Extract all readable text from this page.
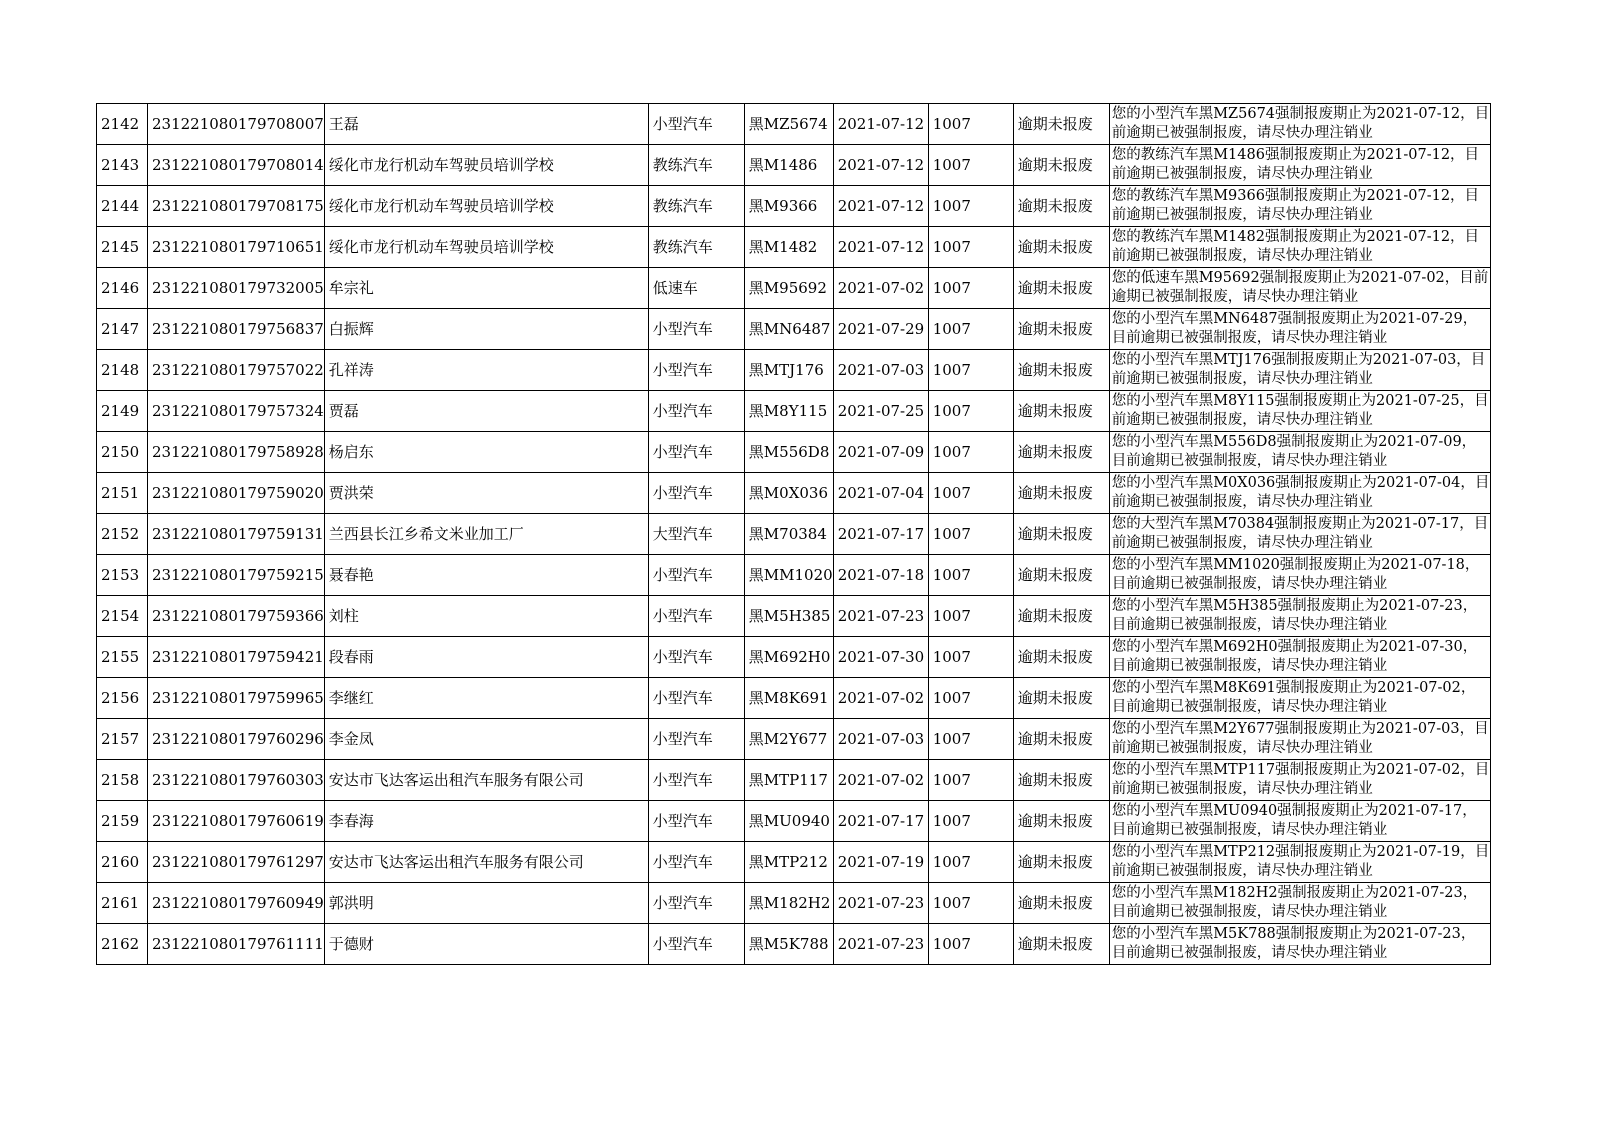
2142	231221080179708007	王磊	小型汽车	黑MZ5674	2021-07-12	1007	逾期未报废	您的小型汽车黑MZ5674强制报废期止为2021-07-12，目前逾期已被强制报废，请尽快办理注销业
2143	231221080179708014	绥化市龙行机动车驾驶员培训学校	教练汽车	黑M1486	2021-07-12	1007	逾期未报废	您的教练汽车黑M1486强制报废期止为2021-07-12，目前逾期已被强制报废，请尽快办理注销业
2144	231221080179708175	绥化市龙行机动车驾驶员培训学校	教练汽车	黑M9366	2021-07-12	1007	逾期未报废	您的教练汽车黑M9366强制报废期止为2021-07-12，目前逾期已被强制报废，请尽快办理注销业
2145	231221080179710651	绥化市龙行机动车驾驶员培训学校	教练汽车	黑M1482	2021-07-12	1007	逾期未报废	您的教练汽车黑M1482强制报废期止为2021-07-12，目前逾期已被强制报废，请尽快办理注销业
2146	231221080179732005	牟宗礼	低速车	黑M95692	2021-07-02	1007	逾期未报废	您的低速车黑M95692强制报废期止为2021-07-02，目前逾期已被强制报废，请尽快办理注销业
2147	231221080179756837	白振辉	小型汽车	黑MN6487	2021-07-29	1007	逾期未报废	您的小型汽车黑MN6487强制报废期止为2021-07-29，目前逾期已被强制报废，请尽快办理注销业
2148	231221080179757022	孔祥涛	小型汽车	黑MTJ176	2021-07-03	1007	逾期未报废	您的小型汽车黑MTJ176强制报废期止为2021-07-03，目前逾期已被强制报废，请尽快办理注销业
2149	231221080179757324	贾磊	小型汽车	黑M8Y115	2021-07-25	1007	逾期未报废	您的小型汽车黑M8Y115强制报废期止为2021-07-25，目前逾期已被强制报废，请尽快办理注销业
2150	231221080179758928	杨启东	小型汽车	黑M556D8	2021-07-09	1007	逾期未报废	您的小型汽车黑M556D8强制报废期止为2021-07-09，目前逾期已被强制报废，请尽快办理注销业
2151	231221080179759020	贾洪荣	小型汽车	黑M0X036	2021-07-04	1007	逾期未报废	您的小型汽车黑M0X036强制报废期止为2021-07-04，目前逾期已被强制报废，请尽快办理注销业
2152	231221080179759131	兰西县长江乡希文米业加工厂	大型汽车	黑M70384	2021-07-17	1007	逾期未报废	您的大型汽车黑M70384强制报废期止为2021-07-17，目前逾期已被强制报废，请尽快办理注销业
2153	231221080179759215	聂春艳	小型汽车	黑MM1020	2021-07-18	1007	逾期未报废	您的小型汽车黑MM1020强制报废期止为2021-07-18，目前逾期已被强制报废，请尽快办理注销业
2154	231221080179759366	刘柱	小型汽车	黑M5H385	2021-07-23	1007	逾期未报废	您的小型汽车黑M5H385强制报废期止为2021-07-23，目前逾期已被强制报废，请尽快办理注销业
2155	231221080179759421	段春雨	小型汽车	黑M692H0	2021-07-30	1007	逾期未报废	您的小型汽车黑M692H0强制报废期止为2021-07-30，目前逾期已被强制报废，请尽快办理注销业
2156	231221080179759965	李继红	小型汽车	黑M8K691	2021-07-02	1007	逾期未报废	您的小型汽车黑M8K691强制报废期止为2021-07-02，目前逾期已被强制报废，请尽快办理注销业
2157	231221080179760296	李金凤	小型汽车	黑M2Y677	2021-07-03	1007	逾期未报废	您的小型汽车黑M2Y677强制报废期止为2021-07-03，目前逾期已被强制报废，请尽快办理注销业
2158	231221080179760303	安达市飞达客运出租汽车服务有限公司	小型汽车	黑MTP117	2021-07-02	1007	逾期未报废	您的小型汽车黑MTP117强制报废期止为2021-07-02，目前逾期已被强制报废，请尽快办理注销业
2159	231221080179760619	李春海	小型汽车	黑MU0940	2021-07-17	1007	逾期未报废	您的小型汽车黑MU0940强制报废期止为2021-07-17，目前逾期已被强制报废，请尽快办理注销业
2160	231221080179761297	安达市飞达客运出租汽车服务有限公司	小型汽车	黑MTP212	2021-07-19	1007	逾期未报废	您的小型汽车黑MTP212强制报废期止为2021-07-19，目前逾期已被强制报废，请尽快办理注销业
2161	231221080179760949	郭洪明	小型汽车	黑M182H2	2021-07-23	1007	逾期未报废	您的小型汽车黑M182H2强制报废期止为2021-07-23，目前逾期已被强制报废，请尽快办理注销业
2162	231221080179761111	于德财	小型汽车	黑M5K788	2021-07-23	1007	逾期未报废	您的小型汽车黑M5K788强制报废期止为2021-07-23，目前逾期已被强制报废，请尽快办理注销业
